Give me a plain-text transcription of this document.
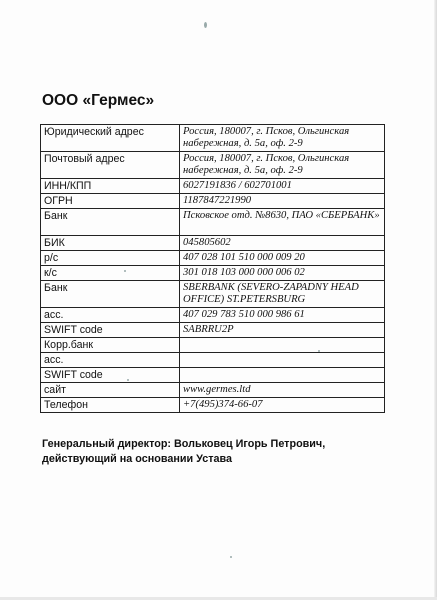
ООО «Гермес»
Юридический адрес	Россия, 180007, г. Псков, Ольгинская набережная, д. 5а, оф. 2-9
Почтовый адрес	Россия, 180007, г. Псков, Ольгинская набережная, д. 5а, оф. 2-9
ИНН/КПП	6027191836 / 602701001
ОГРН	1187847221990
Банк	Псковское отд. №8630, ПАО «СБЕРБАНК»
БИК	045805602
р/с	407 028 101 510 000 009 20
к/с	301 018 103 000 000 006 02
Банк	SBERBANK (SEVERO-ZAPADNY HEAD OFFICE) ST.PETERSBURG
асс.	407 029 783 510 000 986 61
SWIFT code	SABRRU2P
Корр.банк	
асс.	
SWIFT code	
сайт	www.germes.ltd
Телефон	+7(495)374-66-07
Генеральный директор: Вольковец Игорь Петрович, действующий на основании Устава
